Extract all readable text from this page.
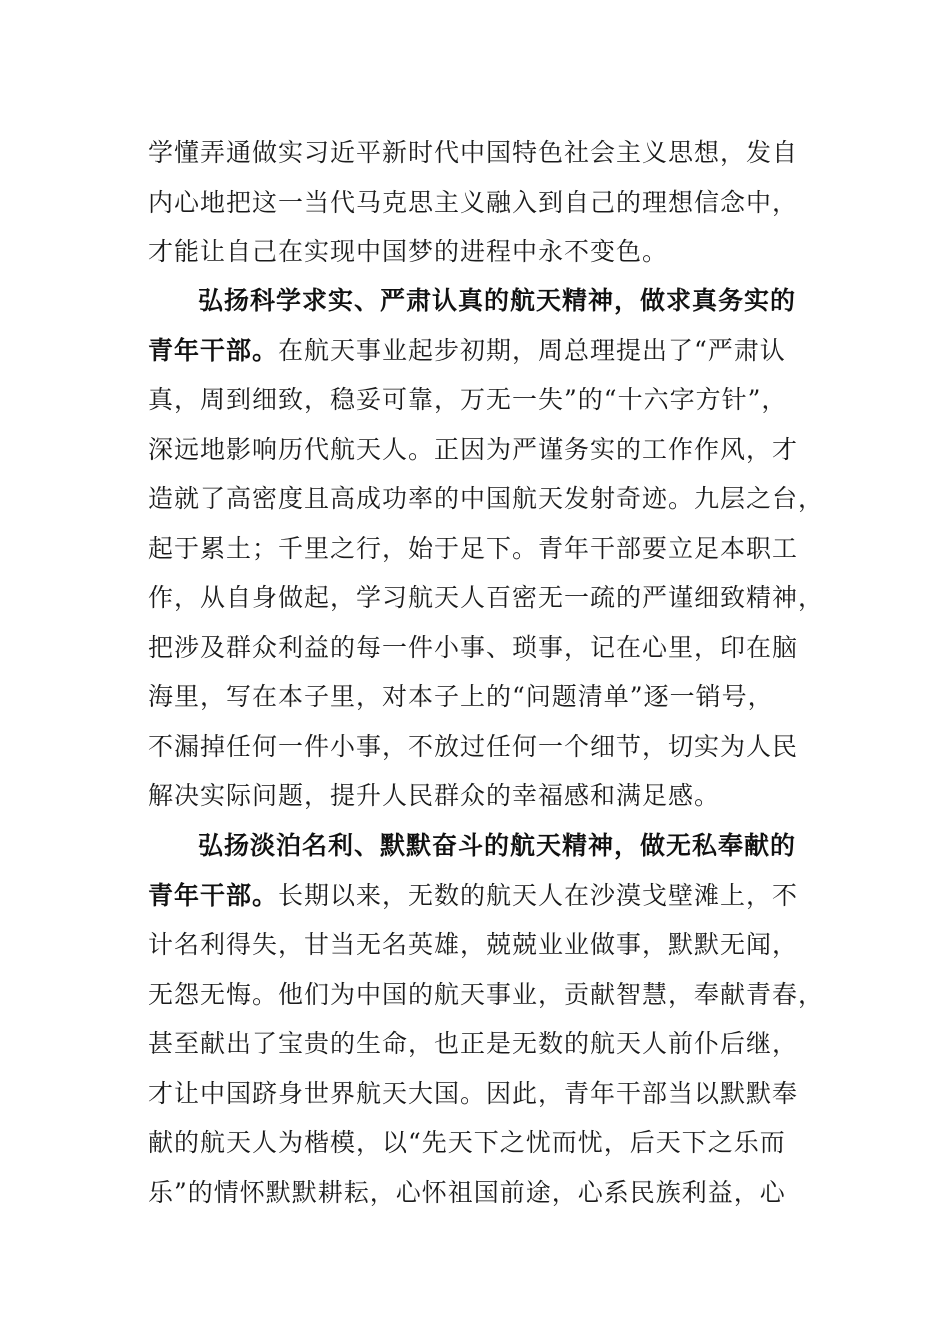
学懂弄通做实习近平新时代中国特色社会主义思想，发自
内心地把这一当代马克思主义融入到自己的理想信念中，
才能让自己在实现中国梦的进程中永不变色。
弘扬科学求实、严肃认真的航天精神，做求真务实的
青年干部。在航天事业起步初期，周总理提出了“严肃认
真，周到细致，稳妥可靠，万无一失”的“十六字方针”，
深远地影响历代航天人。正因为严谨务实的工作作风，才
造就了高密度且高成功率的中国航天发射奇迹。九层之台，
起于累土；千里之行，始于足下。青年干部要立足本职工
作，从自身做起，学习航天人百密无一疏的严谨细致精神，
把涉及群众利益的每一件小事、琐事，记在心里，印在脑
海里，写在本子里，对本子上的“问题清单”逐一销号，
不漏掉任何一件小事，不放过任何一个细节，切实为人民
解决实际问题，提升人民群众的幸福感和满足感。
弘扬淡泊名利、默默奋斗的航天精神，做无私奉献的
青年干部。长期以来，无数的航天人在沙漠戈壁滩上，不
计名利得失，甘当无名英雄，兢兢业业做事，默默无闻，
无怨无悔。他们为中国的航天事业，贡献智慧，奉献青春，
甚至献出了宝贵的生命，也正是无数的航天人前仆后继，
才让中国跻身世界航天大国。因此，青年干部当以默默奉
献的航天人为楷模，以“先天下之忧而忧，后天下之乐而
乐”的情怀默默耕耘，心怀祖国前途，心系民族利益，心
